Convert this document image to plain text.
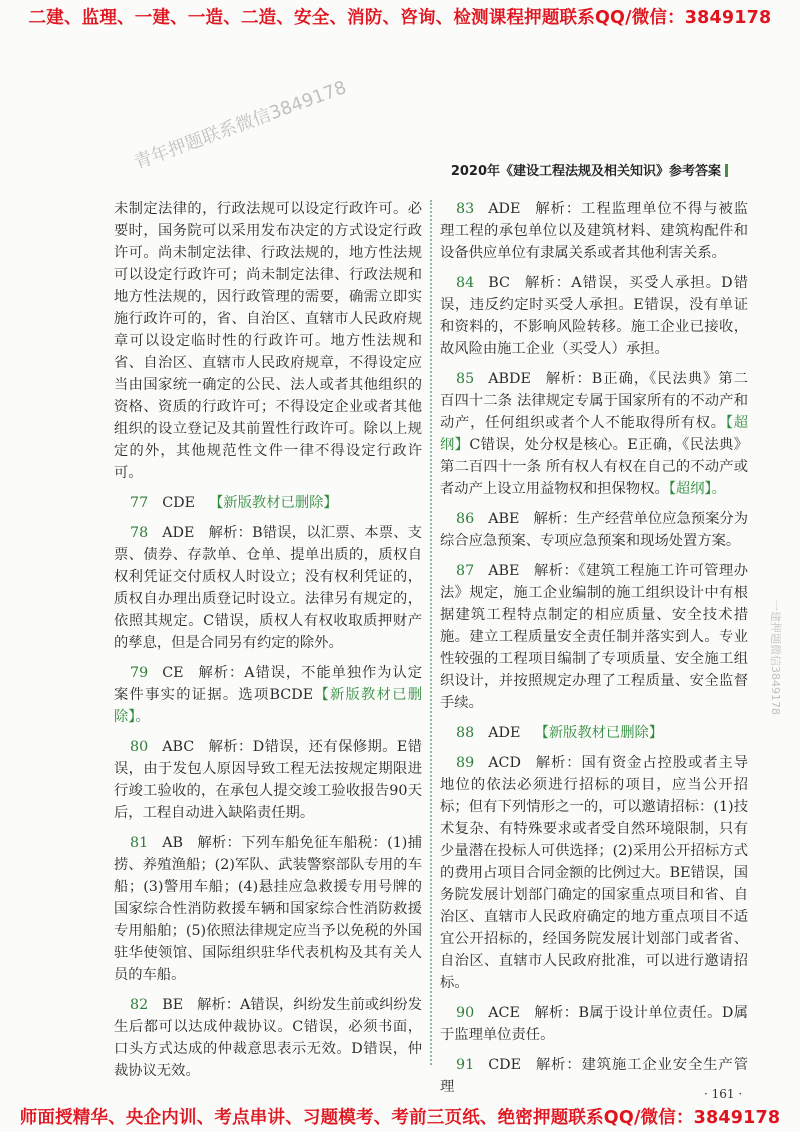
二建、监理、一建、一造、二造、安全、消防、咨询、检测课程押题联系QQ/微信：3849178
2020年《建设工程法规及相关知识》参考答案
青年押题联系微信3849178
一建押题微信3849178

未制定法律的，行政法规可以设定行政许可。必要时，国务院可以采用发布决定的方式设定行政许可。尚未制定法律、行政法规的，地方性法规可以设定行政许可；尚未制定法律、行政法规和地方性法规的，因行政管理的需要，确需立即实施行政许可的，省、自治区、直辖市人民政府规章可以设定临时性的行政许可。地方性法规和省、自治区、直辖市人民政府规章，不得设定应当由国家统一确定的公民、法人或者其他组织的资格、资质的行政许可；不得设定企业或者其他组织的设立登记及其前置性行政许可。除以上规定的外，其他规范性文件一律不得设定行政许可。

77 CDE 【新版教材已删除】

78 ADE 解析：B错误，以汇票、本票、支票、债券、存款单、仓单、提单出质的，质权自权利凭证交付质权人时设立；没有权利凭证的，质权自办理出质登记时设立。法律另有规定的，依照其规定。C错误，质权人有权收取质押财产的孳息，但是合同另有约定的除外。

79 CE 解析：A错误，不能单独作为认定案件事实的证据。选项BCDE【新版教材已删除】。

80 ABC 解析：D错误，还有保修期。E错误，由于发包人原因导致工程无法按规定期限进行竣工验收的，在承包人提交竣工验收报告90天后，工程自动进入缺陷责任期。

81 AB 解析：下列车船免征车船税：(1)捕捞、养殖渔船；(2)军队、武装警察部队专用的车船；(3)警用车船；(4)悬挂应急救援专用号牌的国家综合性消防救援车辆和国家综合性消防救援专用船舶；(5)依照法律规定应当予以免税的外国驻华使领馆、国际组织驻华代表机构及其有关人员的车船。

82 BE 解析：A错误，纠纷发生前或纠纷发生后都可以达成仲裁协议。C错误，必须书面，口头方式达成的仲裁意思表示无效。D错误，仲裁协议无效。

83 ADE 解析：工程监理单位不得与被监理工程的承包单位以及建筑材料、建筑构配件和设备供应单位有隶属关系或者其他利害关系。

84 BC 解析：A错误，买受人承担。D错误，违反约定时买受人承担。E错误，没有单证和资料的，不影响风险转移。施工企业已接收，故风险由施工企业（买受人）承担。

85 ABDE 解析：B正确，《民法典》第二百四十二条 法律规定专属于国家所有的不动产和动产，任何组织或者个人不能取得所有权。【超纲】C错误，处分权是核心。E正确，《民法典》第二百四十一条 所有权人有权在自己的不动产或者动产上设立用益物权和担保物权。【超纲】。

86 ABE 解析：生产经营单位应急预案分为综合应急预案、专项应急预案和现场处置方案。

87 ABE 解析：《建筑工程施工许可管理办法》规定，施工企业编制的施工组织设计中有根据建筑工程特点制定的相应质量、安全技术措施。建立工程质量安全责任制并落实到人。专业性较强的工程项目编制了专项质量、安全施工组织设计，并按照规定办理了工程质量、安全监督手续。

88 ADE 【新版教材已删除】

89 ACD 解析：国有资金占控股或者主导地位的依法必须进行招标的项目，应当公开招标；但有下列情形之一的，可以邀请招标：(1)技术复杂、有特殊要求或者受自然环境限制，只有少量潜在投标人可供选择；(2)采用公开招标方式的费用占项目合同金额的比例过大。BE错误，国务院发展计划部门确定的国家重点项目和省、自治区、直辖市人民政府确定的地方重点项目不适宜公开招标的，经国务院发展计划部门或者省、自治区、直辖市人民政府批准，可以进行邀请招标。

90 ACE 解析：B属于设计单位责任。D属于监理单位责任。

91 CDE 解析：建筑施工企业安全生产管理	· 161 ·
师面授精华、央企内训、考点串讲、习题模考、考前三页纸、绝密押题联系QQ/微信：3849178
